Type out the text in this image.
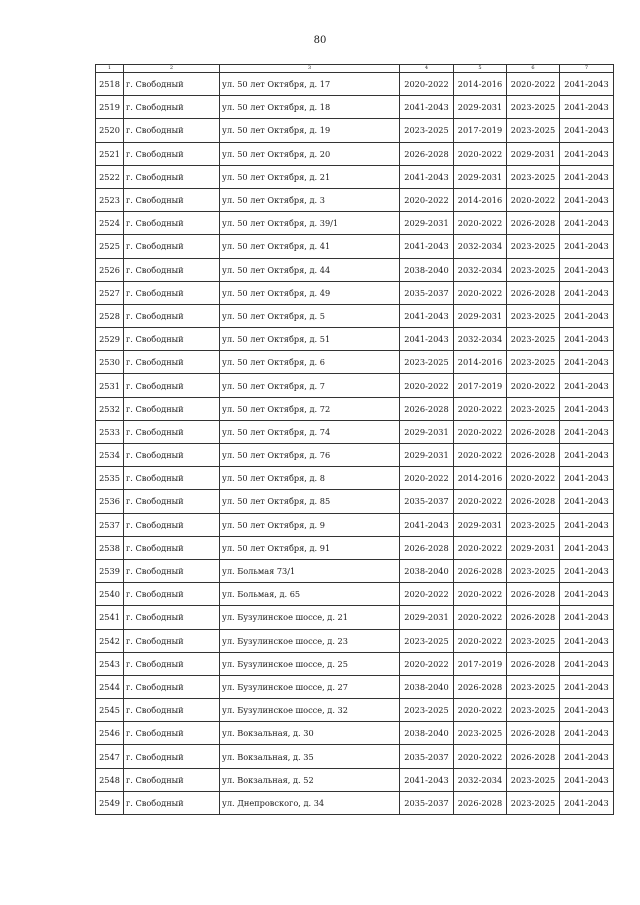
80
1	2	3	4	5	6	7
2518	г. Свободный	ул. 50 лет Октября, д. 17	2020-2022	2014-2016	2020-2022	2041-2043
2519	г. Свободный	ул. 50 лет Октября, д. 18	2041-2043	2029-2031	2023-2025	2041-2043
2520	г. Свободный	ул. 50 лет Октября, д. 19	2023-2025	2017-2019	2023-2025	2041-2043
2521	г. Свободный	ул. 50 лет Октября, д. 20	2026-2028	2020-2022	2029-2031	2041-2043
2522	г. Свободный	ул. 50 лет Октября, д. 21	2041-2043	2029-2031	2023-2025	2041-2043
2523	г. Свободный	ул. 50 лет Октября, д. 3	2020-2022	2014-2016	2020-2022	2041-2043
2524	г. Свободный	ул. 50 лет Октября, д. 39/1	2029-2031	2020-2022	2026-2028	2041-2043
2525	г. Свободный	ул. 50 лет Октября, д. 41	2041-2043	2032-2034	2023-2025	2041-2043
2526	г. Свободный	ул. 50 лет Октября, д. 44	2038-2040	2032-2034	2023-2025	2041-2043
2527	г. Свободный	ул. 50 лет Октября, д. 49	2035-2037	2020-2022	2026-2028	2041-2043
2528	г. Свободный	ул. 50 лет Октября, д. 5	2041-2043	2029-2031	2023-2025	2041-2043
2529	г. Свободный	ул. 50 лет Октября, д. 51	2041-2043	2032-2034	2023-2025	2041-2043
2530	г. Свободный	ул. 50 лет Октября, д. 6	2023-2025	2014-2016	2023-2025	2041-2043
2531	г. Свободный	ул. 50 лет Октября, д. 7	2020-2022	2017-2019	2020-2022	2041-2043
2532	г. Свободный	ул. 50 лет Октября, д. 72	2026-2028	2020-2022	2023-2025	2041-2043
2533	г. Свободный	ул. 50 лет Октября, д. 74	2029-2031	2020-2022	2026-2028	2041-2043
2534	г. Свободный	ул. 50 лет Октября, д. 76	2029-2031	2020-2022	2026-2028	2041-2043
2535	г. Свободный	ул. 50 лет Октября, д. 8	2020-2022	2014-2016	2020-2022	2041-2043
2536	г. Свободный	ул. 50 лет Октября, д. 85	2035-2037	2020-2022	2026-2028	2041-2043
2537	г. Свободный	ул. 50 лет Октября, д. 9	2041-2043	2029-2031	2023-2025	2041-2043
2538	г. Свободный	ул. 50 лет Октября, д. 91	2026-2028	2020-2022	2029-2031	2041-2043
2539	г. Свободный	ул. Больмая 73/1	2038-2040	2026-2028	2023-2025	2041-2043
2540	г. Свободный	ул. Больмая, д. 65	2020-2022	2020-2022	2026-2028	2041-2043
2541	г. Свободный	ул. Бузулинское шоссе, д. 21	2029-2031	2020-2022	2026-2028	2041-2043
2542	г. Свободный	ул. Бузулинское шоссе, д. 23	2023-2025	2020-2022	2023-2025	2041-2043
2543	г. Свободный	ул. Бузулинское шоссе, д. 25	2020-2022	2017-2019	2026-2028	2041-2043
2544	г. Свободный	ул. Бузулинское шоссе, д. 27	2038-2040	2026-2028	2023-2025	2041-2043
2545	г. Свободный	ул. Бузулинское шоссе, д. 32	2023-2025	2020-2022	2023-2025	2041-2043
2546	г. Свободный	ул. Вокзальная, д. 30	2038-2040	2023-2025	2026-2028	2041-2043
2547	г. Свободный	ул. Вокзальная, д. 35	2035-2037	2020-2022	2026-2028	2041-2043
2548	г. Свободный	ул. Вокзальная, д. 52	2041-2043	2032-2034	2023-2025	2041-2043
2549	г. Свободный	ул. Днепровского, д. 34	2035-2037	2026-2028	2023-2025	2041-2043
